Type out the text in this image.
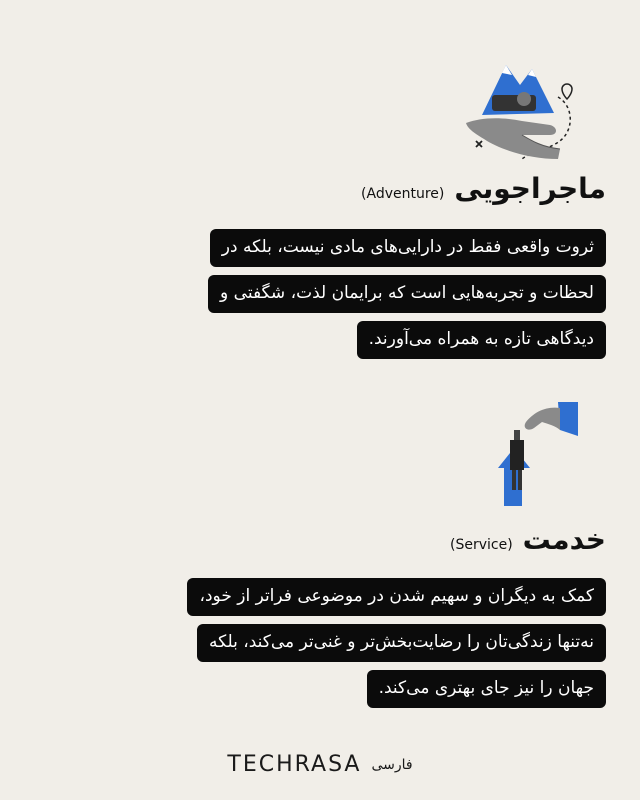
ماجراجویی
(Adventure)
ثروت واقعی فقط در دارایی‌های مادی نیست، بلکه در
لحظات و تجربه‌هایی است که برایمان لذت، شگفتی و
دیدگاهی تازه به همراه می‌آورند.
خدمت
(Service)
کمک به دیگران و سهیم شدن در موضوعی فراتر از خود،
نه‌تنها زندگی‌تان را رضایت‌بخش‌تر و غنی‌تر می‌کند، بلکه
جهان را نیز جای بهتری می‌کند.
TECHRASA فارسی
